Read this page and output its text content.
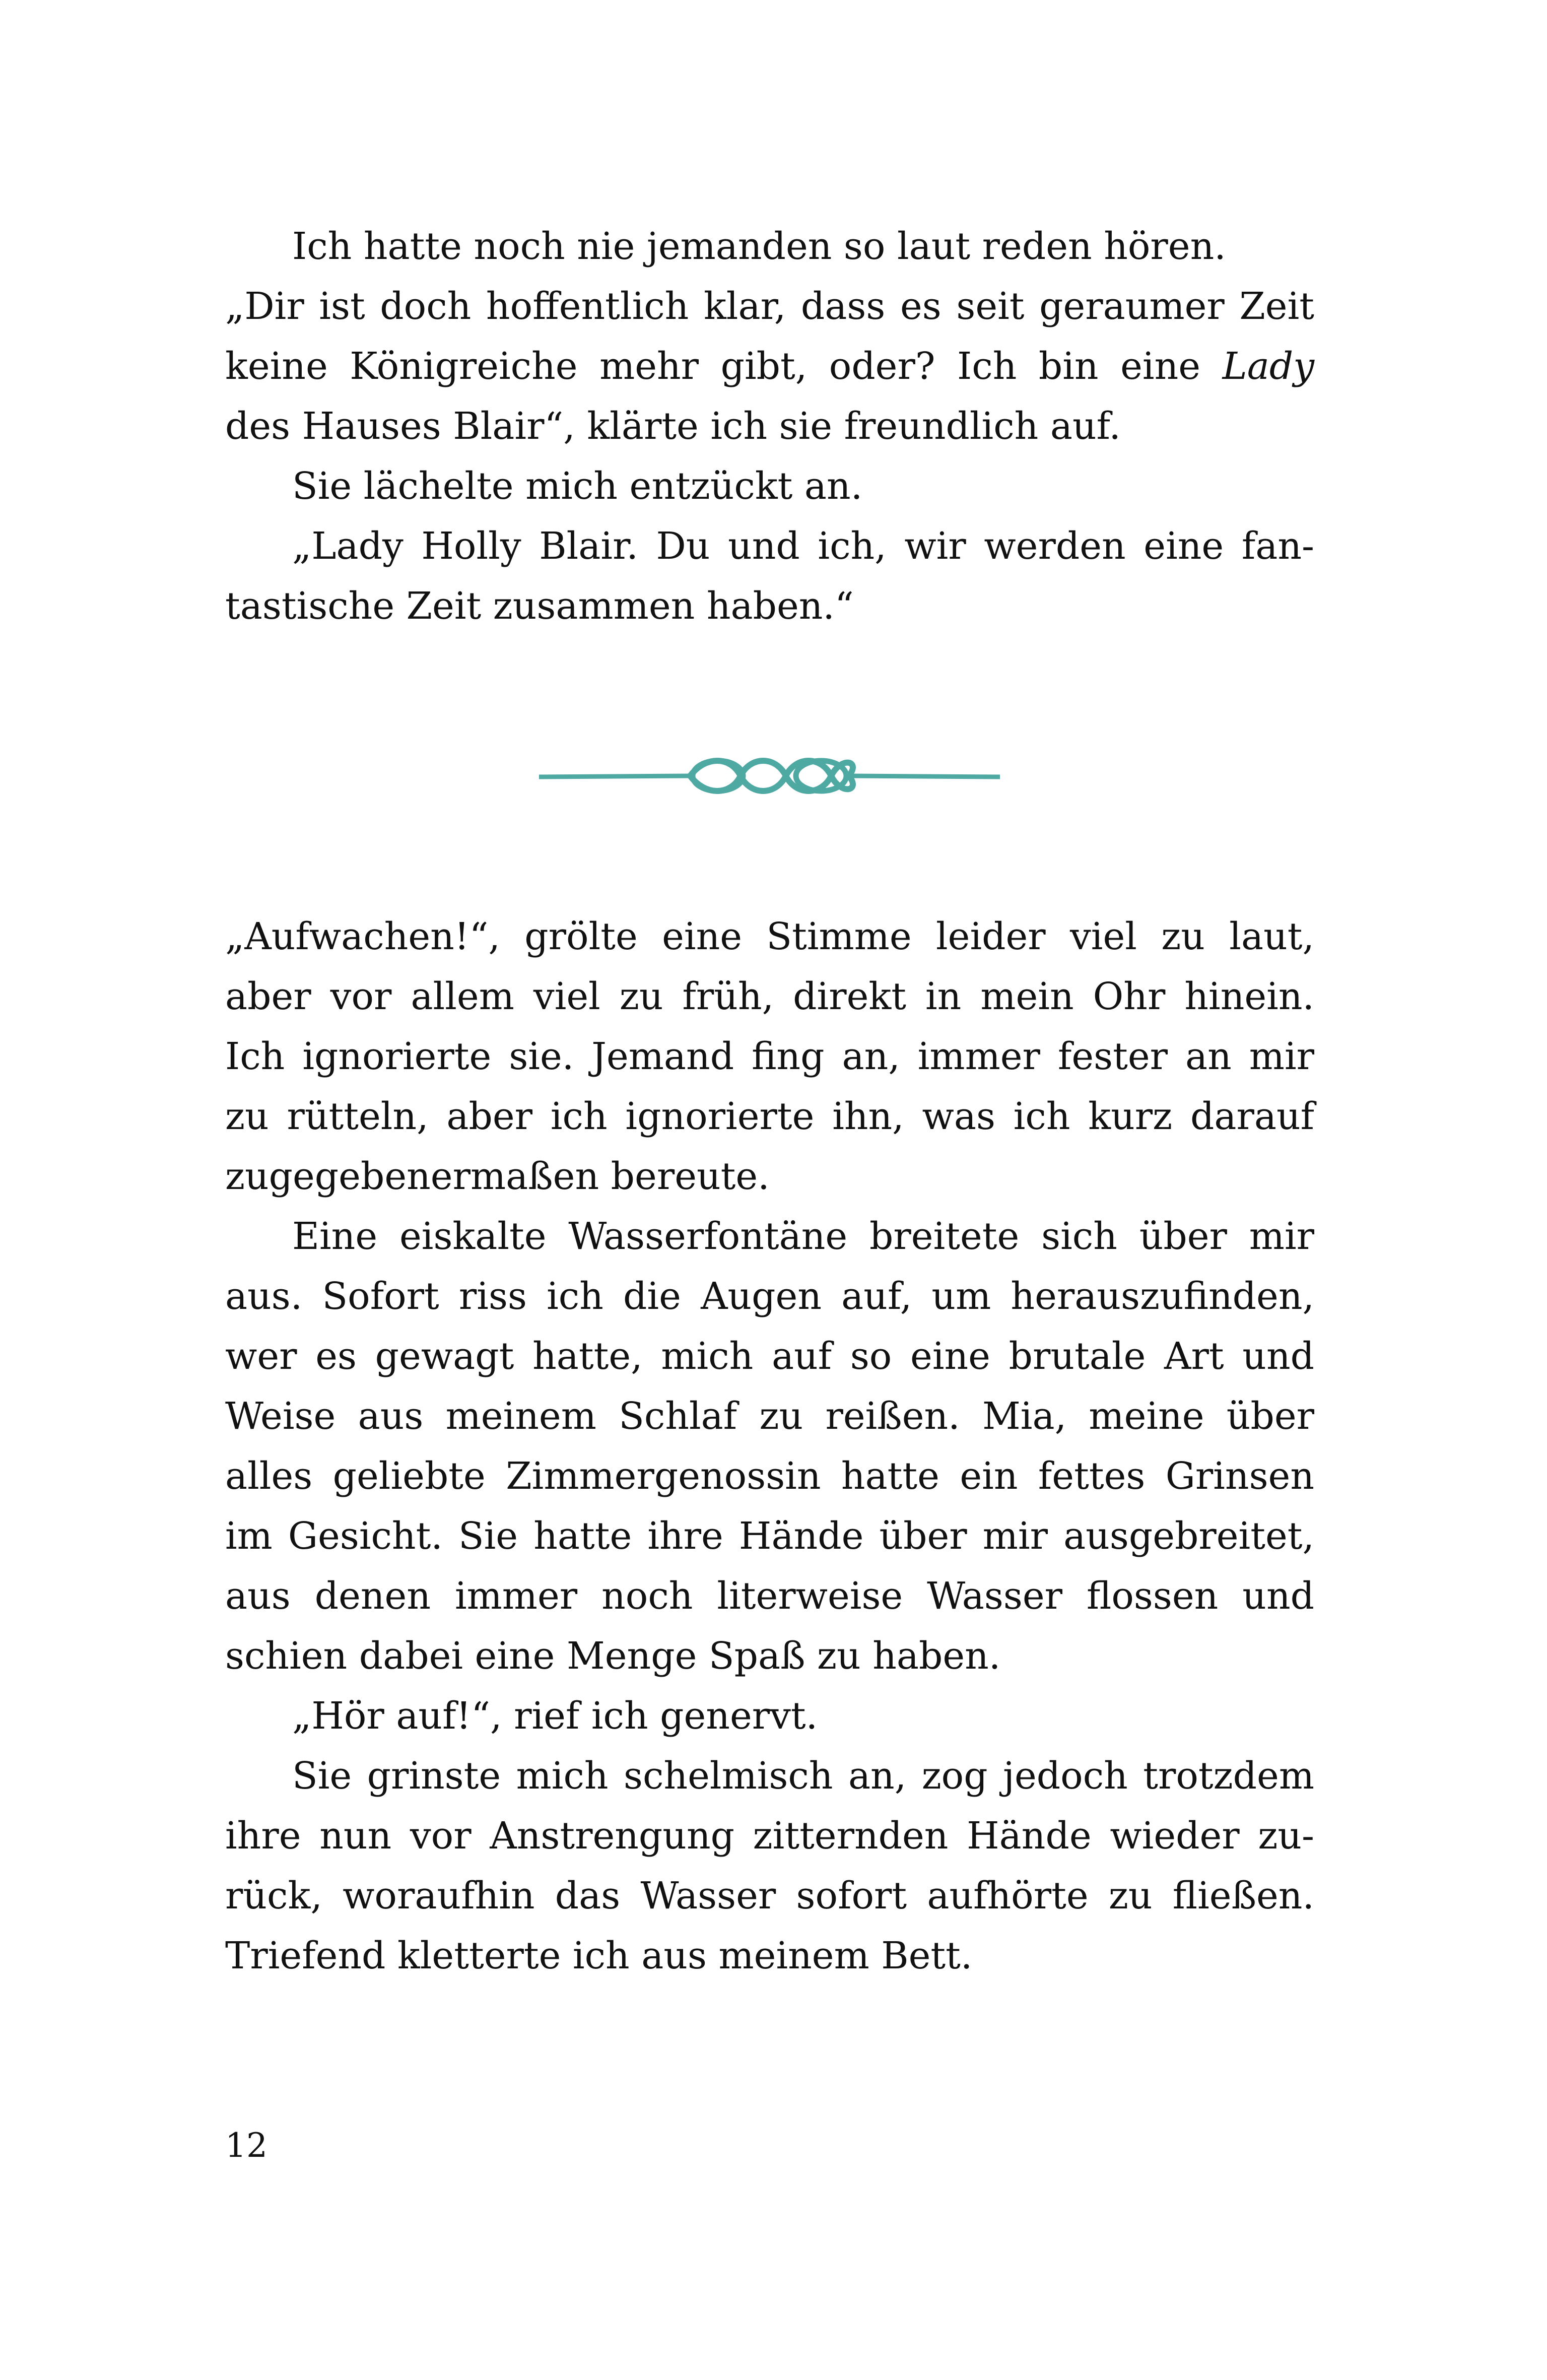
Ich hatte noch nie jemanden so laut reden hören.
„Dir ist doch hoffentlich klar, dass es seit geraumer Zeit
keine Königreiche mehr gibt, oder? Ich bin eine Lady
des Hauses Blair“, klärte ich sie freundlich auf.
Sie lächelte mich entzückt an.
„Lady Holly Blair. Du und ich, wir werden eine fan-
tastische Zeit zusammen haben.“
„Aufwachen!“, grölte eine Stimme leider viel zu laut,
aber vor allem viel zu früh, direkt in mein Ohr hinein.
Ich ignorierte sie. Jemand fing an, immer fester an mir
zu rütteln, aber ich ignorierte ihn, was ich kurz darauf
zugegebenermaßen bereute.
Eine eiskalte Wasserfontäne breitete sich über mir
aus. Sofort riss ich die Augen auf, um herauszufinden,
wer es gewagt hatte, mich auf so eine brutale Art und
Weise aus meinem Schlaf zu reißen. Mia, meine über
alles geliebte Zimmergenossin hatte ein fettes Grinsen
im Gesicht. Sie hatte ihre Hände über mir ausgebreitet,
aus denen immer noch literweise Wasser flossen und
schien dabei eine Menge Spaß zu haben.
„Hör auf!“, rief ich genervt.
Sie grinste mich schelmisch an, zog jedoch trotzdem
ihre nun vor Anstrengung zitternden Hände wieder zu-
rück, woraufhin das Wasser sofort aufhörte zu fließen.
Triefend kletterte ich aus meinem Bett.
12
